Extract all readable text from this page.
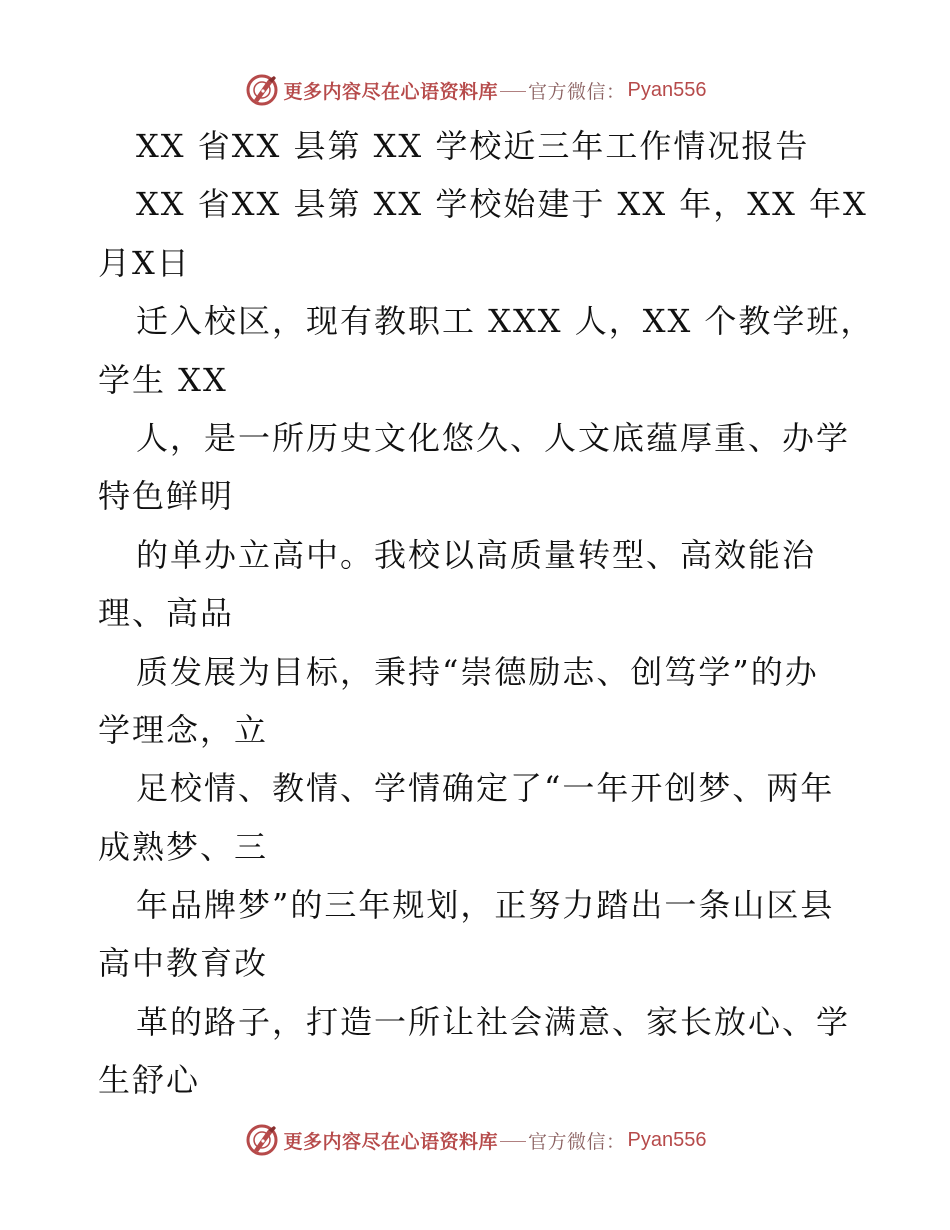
更多内容尽在心语资料库 官方微信： Pyan556
XX 省XX 县第 XX 学校近三年工作情况报告
XX 省XX 县第 XX 学校始建于 XX 年，XX 年X
月X日
迁入校区，现有教职工 XXX 人，XX 个教学班，
学生 XX
人，是一所历史文化悠久、人文底蕴厚重、办学
特色鲜明
的单办立高中。我校以高质量转型、高效能治
理、高品
质发展为目标，秉持“崇德励志、创笃学”的办
学理念，立
足校情、教情、学情确定了“一年开创梦、两年
成熟梦、三
年品牌梦”的三年规划，正努力踏出一条山区县
高中教育改
革的路子，打造一所让社会满意、家长放心、学
生舒心
更多内容尽在心语资料库 官方微信： Pyan556
